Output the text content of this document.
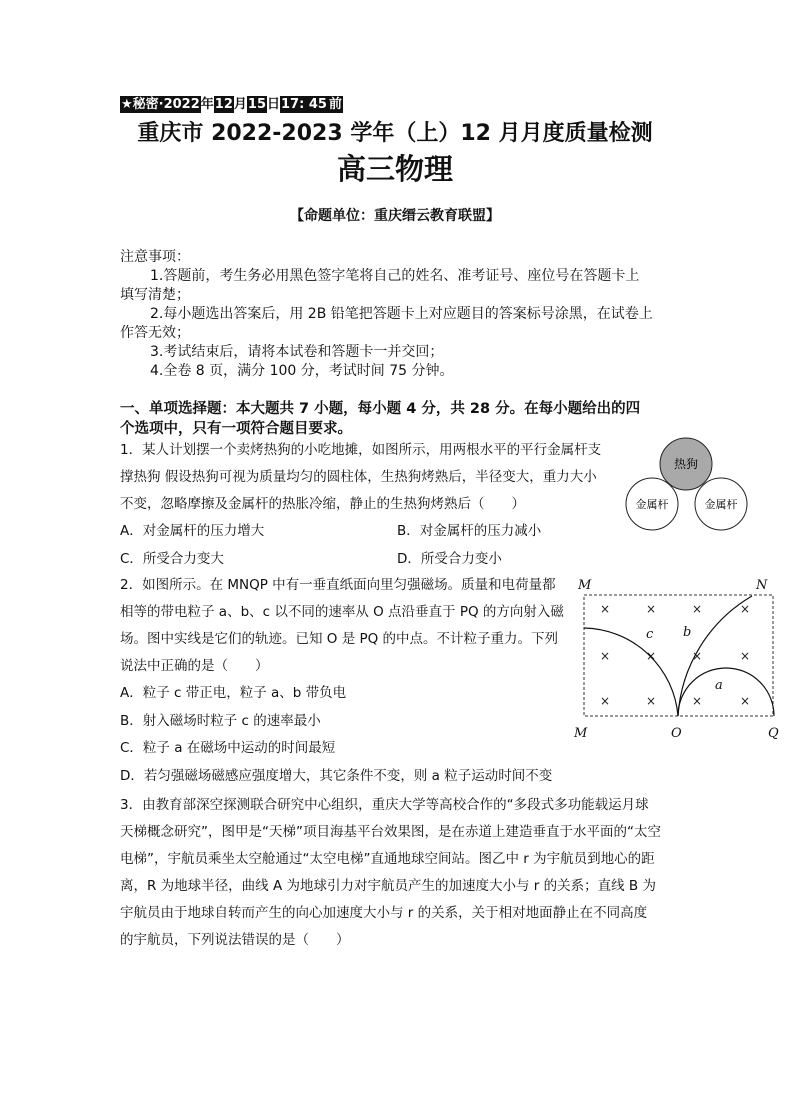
★秘密·2022年12月15日17: 45 前
重庆市 2022-2023 学年（上）12 月月度质量检测
高三物理
【命题单位：重庆缙云教育联盟】
注意事项：
1.答题前，考生务必用黑色签字笔将自己的姓名、准考证号、座位号在答题卡上
填写清楚；
2.每小题选出答案后，用 2B 铅笔把答题卡上对应题目的答案标号涂黑，在试卷上
作答无效；
3.考试结束后，请将本试卷和答题卡一并交回；
4.全卷 8 页，满分 100 分，考试时间 75 分钟。
一、单项选择题：本大题共 7 小题，每小题 4 分，共 28 分。在每小题给出的四
个选项中，只有一项符合题目要求。
1．某人计划摆一个卖烤热狗的小吃地摊，如图所示，用两根水平的平行金属杆支
撑热狗 假设热狗可视为质量均匀的圆柱体，生热狗烤熟后，半径变大，重力大小
不变，忽略摩擦及金属杆的热胀冷缩，静止的生热狗烤熟后（　　）
A．对金属杆的压力增大	B．对金属杆的压力减小
C．所受合力变大	D．所受合力变小
热狗
金属杆	金属杆
2．如图所示。在 MNQP 中有一垂直纸面向里匀强磁场。质量和电荷量都
相等的带电粒子 a、b、c 以不同的速率从 O 点沿垂直于 PQ 的方向射入磁
场。图中实线是它们的轨迹。已知 O 是 PQ 的中点。不计粒子重力。下列
说法中正确的是（　　）
A．粒子 c 带正电，粒子 a、b 带负电
B．射入磁场时粒子 c 的速率最小
C．粒子 a 在磁场中运动的时间最短
D．若匀强磁场磁感应强度增大，其它条件不变，则 a 粒子运动时间不变
×	×	×	×
×	×	×	×
×	×	×	×
c b
a
M	N
M	O	Q
3．由教育部深空探测联合研究中心组织，重庆大学等高校合作的“多段式多功能载运月球
天梯概念研究”，图甲是“天梯”项目海基平台效果图，是在赤道上建造垂直于水平面的“太空
电梯”，宇航员乘坐太空舱通过“太空电梯”直通地球空间站。图乙中 r 为宇航员到地心的距
离，R 为地球半径，曲线 A 为地球引力对宇航员产生的加速度大小与 r 的关系；直线 B 为
宇航员由于地球自转而产生的向心加速度大小与 r 的关系，关于相对地面静止在不同高度
的宇航员，下列说法错误的是（　　）
